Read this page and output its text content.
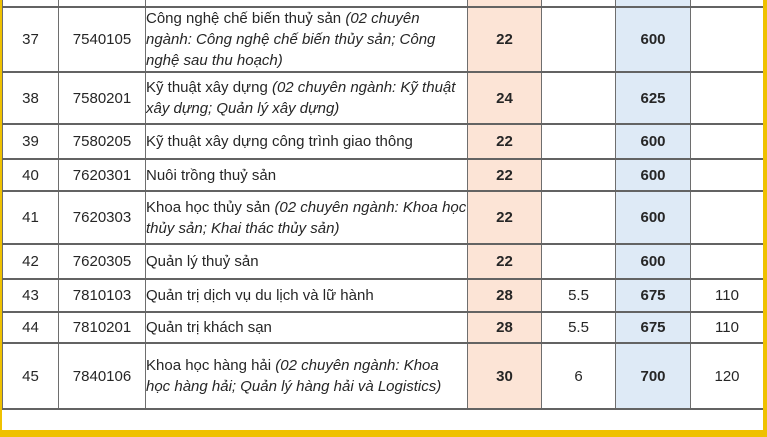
37	7540105	Công nghệ chế biến thuỷ sản (02 chuyên ngành: Công nghệ chế biến thủy sản; Công nghệ sau thu hoạch)	22		600	
38	7580201	Kỹ thuật xây dựng (02 chuyên ngành: Kỹ thuật xây dựng; Quản lý xây dựng)	24		625	
39	7580205	Kỹ thuật xây dựng công trình giao thông	22		600	
40	7620301	Nuôi trồng thuỷ sản	22		600	
41	7620303	Khoa học thủy sản (02 chuyên ngành: Khoa học thủy sản; Khai thác thủy sản)	22		600	
42	7620305	Quản lý thuỷ sản	22		600	
43	7810103	Quản trị dịch vụ du lịch và lữ hành	28	5.5	675	110
44	7810201	Quản trị khách sạn	28	5.5	675	110
45	7840106	Khoa học hàng hải (02 chuyên ngành: Khoa học hàng hải; Quản lý hàng hải và Logistics)	30	6	700	120
